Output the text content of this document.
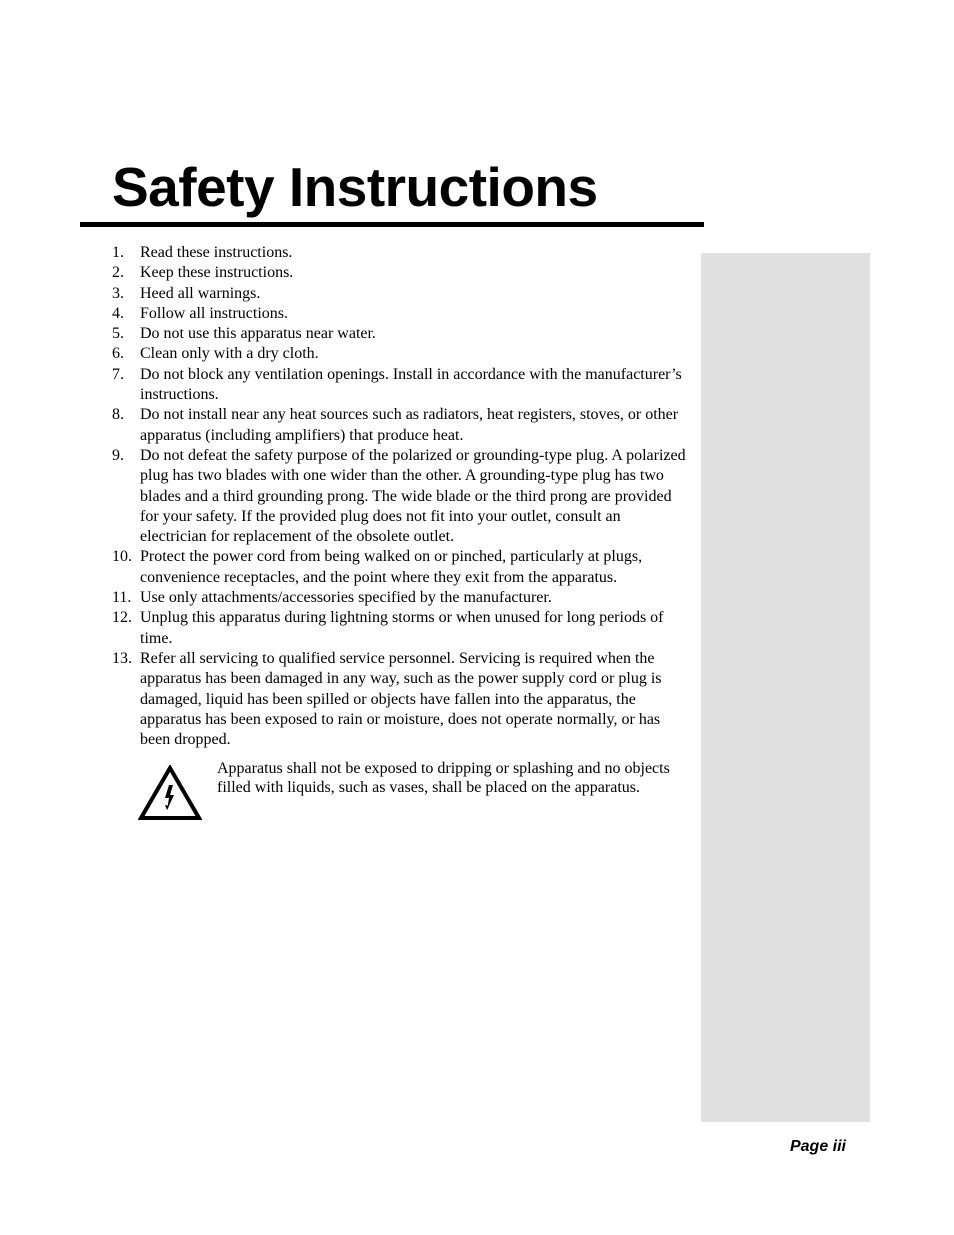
Safety Instructions
1.	Read these instructions.
2.	Keep these instructions.
3.	Heed all warnings.
4.	Follow all instructions.
5.	Do not use this apparatus near water.
6.	Clean only with a dry cloth.
7.	Do not block any ventilation openings. Install in accordance with the manufacturer’s instructions.
8.	Do not install near any heat sources such as radiators, heat registers, stoves, or other apparatus (including amplifiers) that produce heat.
9.	Do not defeat the safety purpose of the polarized or grounding-type plug. A polarized plug has two blades with one wider than the other. A grounding-type plug has two blades and a third grounding prong. The wide blade or the third prong are provided for your safety. If the provided plug does not fit into your outlet, consult an electrician for replacement of the obsolete outlet.
10. Protect the power cord from being walked on or pinched, particularly at plugs, convenience receptacles, and the point where they exit from the apparatus.
11. Use only attachments/accessories specified by the manufacturer.
12. Unplug this apparatus during lightning storms or when unused for long periods of time.
13. Refer all servicing to qualified service personnel. Servicing is required when the apparatus has been damaged in any way, such as the power supply cord or plug is damaged, liquid has been spilled or objects have fallen into the apparatus, the apparatus has been exposed to rain or moisture, does not operate normally, or has been dropped.

Apparatus shall not be exposed to dripping or splashing and no objects filled with liquids, such as vases, shall be placed on the apparatus.

Page iii
